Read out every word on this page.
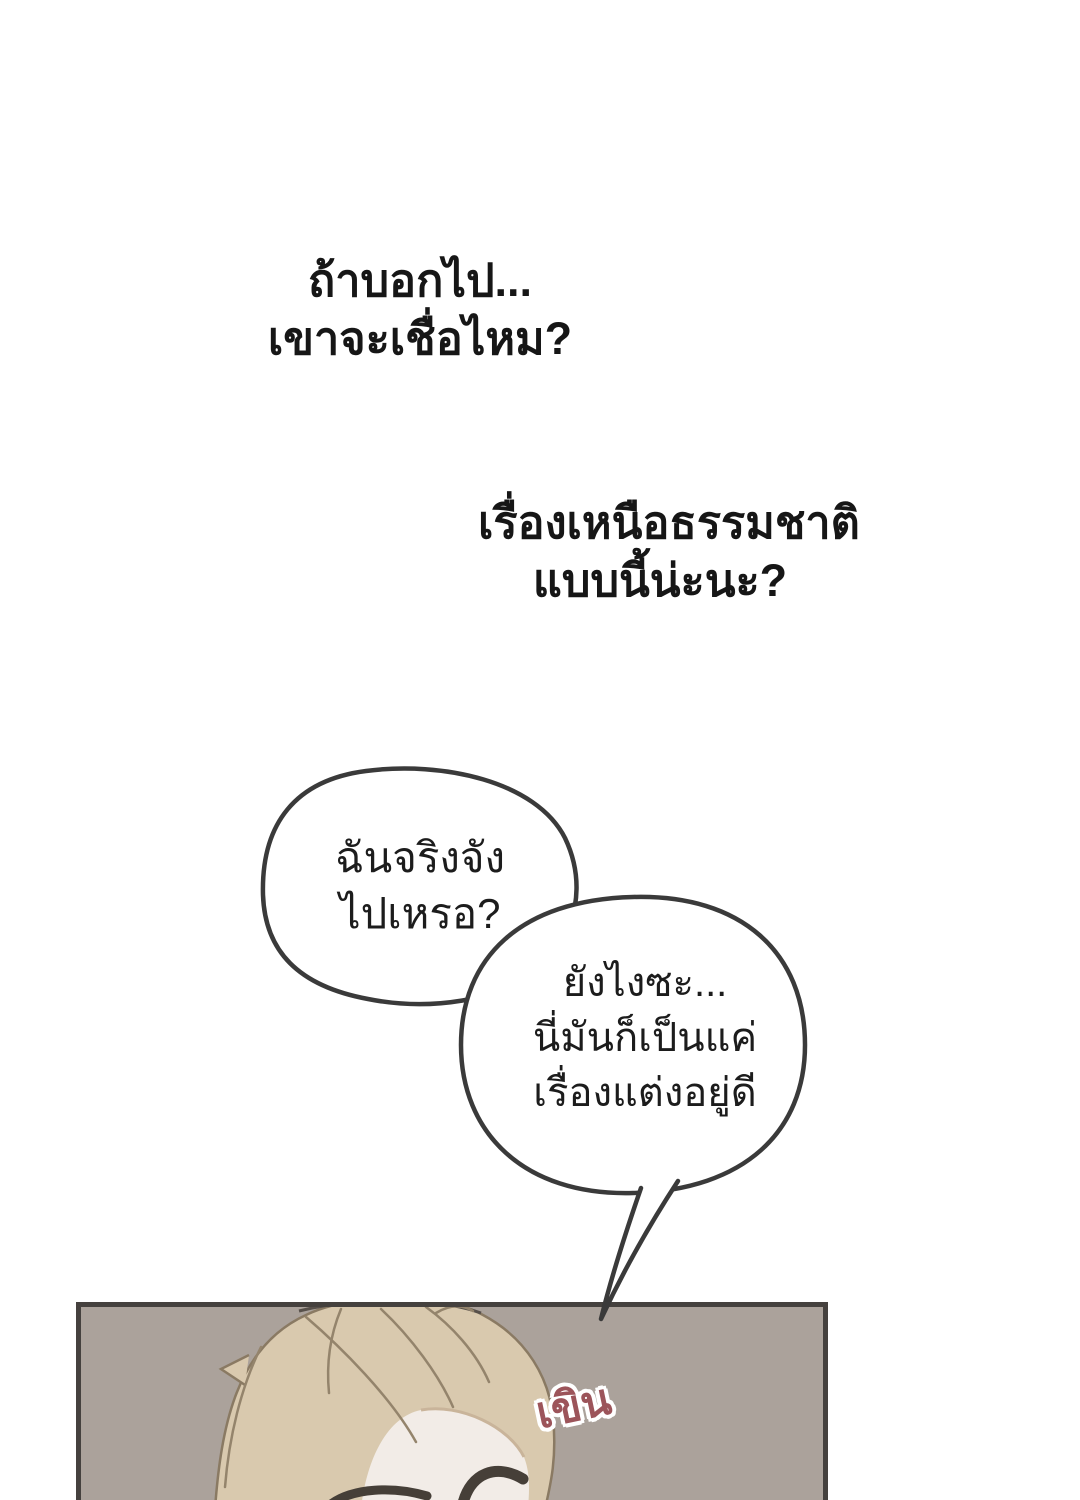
ถ้าบอกไป...
เขาจะเชื่อไหม?
เรื่องเหนือธรรมชาติ
แบบนี้น่ะนะ?
ฉันจริงจัง
ไปเหรอ?
ยังไงซะ...
นี่มันก็เป็นแค่
เรื่องแต่งอยู่ดี
เขิน
